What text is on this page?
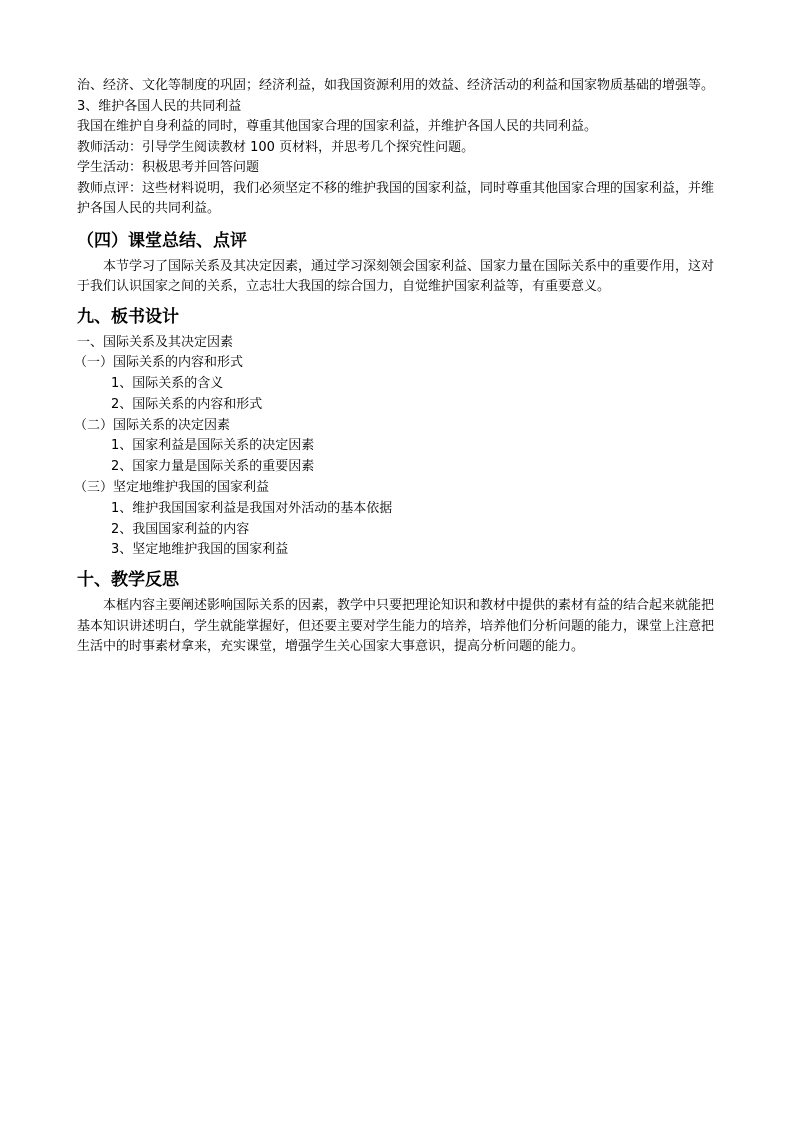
治、经济、文化等制度的巩固；经济利益，如我国资源利用的效益、经济活动的利益和国家物质基础的增强等。

3、维护各国人民的共同利益

我国在维护自身利益的同时，尊重其他国家合理的国家利益，并维护各国人民的共同利益。

教师活动：引导学生阅读教材 100 页材料，并思考几个探究性问题。

学生活动：积极思考并回答问题

教师点评：这些材料说明，我们必须坚定不移的维护我国的国家利益，同时尊重其他国家合理的国家利益，并维护各国人民的共同利益。

（四）课堂总结、点评

本节学习了国际关系及其决定因素，通过学习深刻领会国家利益、国家力量在国际关系中的重要作用，这对于我们认识国家之间的关系，立志壮大我国的综合国力，自觉维护国家利益等，有重要意义。

九、板书设计

一、国际关系及其决定因素

（一）国际关系的内容和形式

1、国际关系的含义

2、国际关系的内容和形式

（二）国际关系的决定因素

1、国家利益是国际关系的决定因素

2、国家力量是国际关系的重要因素

（三）坚定地维护我国的国家利益

1、维护我国国家利益是我国对外活动的基本依据

2、我国国家利益的内容

3、坚定地维护我国的国家利益

十、教学反思

本框内容主要阐述影响国际关系的因素，教学中只要把理论知识和教材中提供的素材有益的结合起来就能把基本知识讲述明白，学生就能掌握好，但还要主要对学生能力的培养，培养他们分析问题的能力，课堂上注意把生活中的时事素材拿来，充实课堂，增强学生关心国家大事意识，提高分析问题的能力。
